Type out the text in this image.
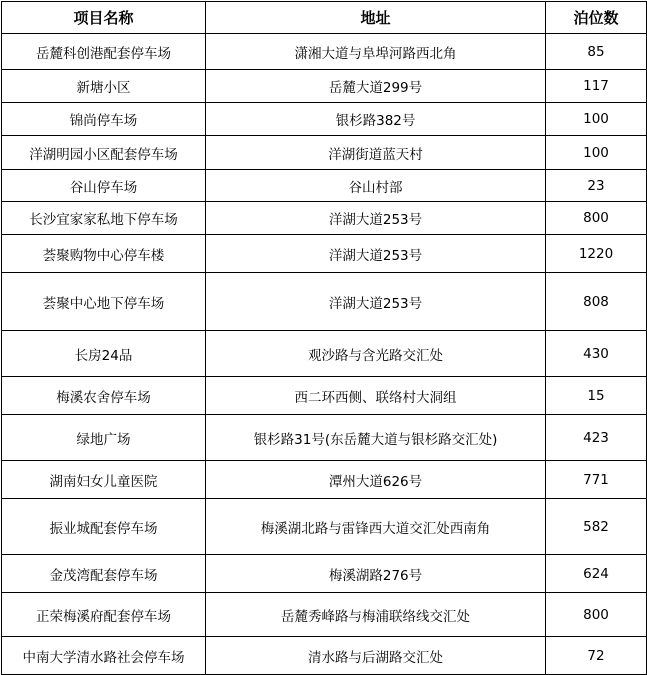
项目名称	地址	泊位数
岳麓科创港配套停车场	潇湘大道与阜埠河路西北角	85
新塘小区	岳麓大道299号	117
锦尚停车场	银杉路382号	100
洋湖明园小区配套停车场	洋湖街道蓝天村	100
谷山停车场	谷山村部	23
长沙宜家家私地下停车场	洋湖大道253号	800
荟聚购物中心停车楼	洋湖大道253号	1220
荟聚中心地下停车场	洋湖大道253号	808
长房24品	观沙路与含光路交汇处	430
梅溪农舍停车场	西二环西侧、联络村大洞组	15
绿地广场	银杉路31号(东岳麓大道与银杉路交汇处)	423
湖南妇女儿童医院	潭州大道626号	771
振业城配套停车场	梅溪湖北路与雷锋西大道交汇处西南角	582
金茂湾配套停车场	梅溪湖路276号	624
正荣梅溪府配套停车场	岳麓秀峰路与梅浦联络线交汇处	800
中南大学清水路社会停车场	清水路与后湖路交汇处	72
